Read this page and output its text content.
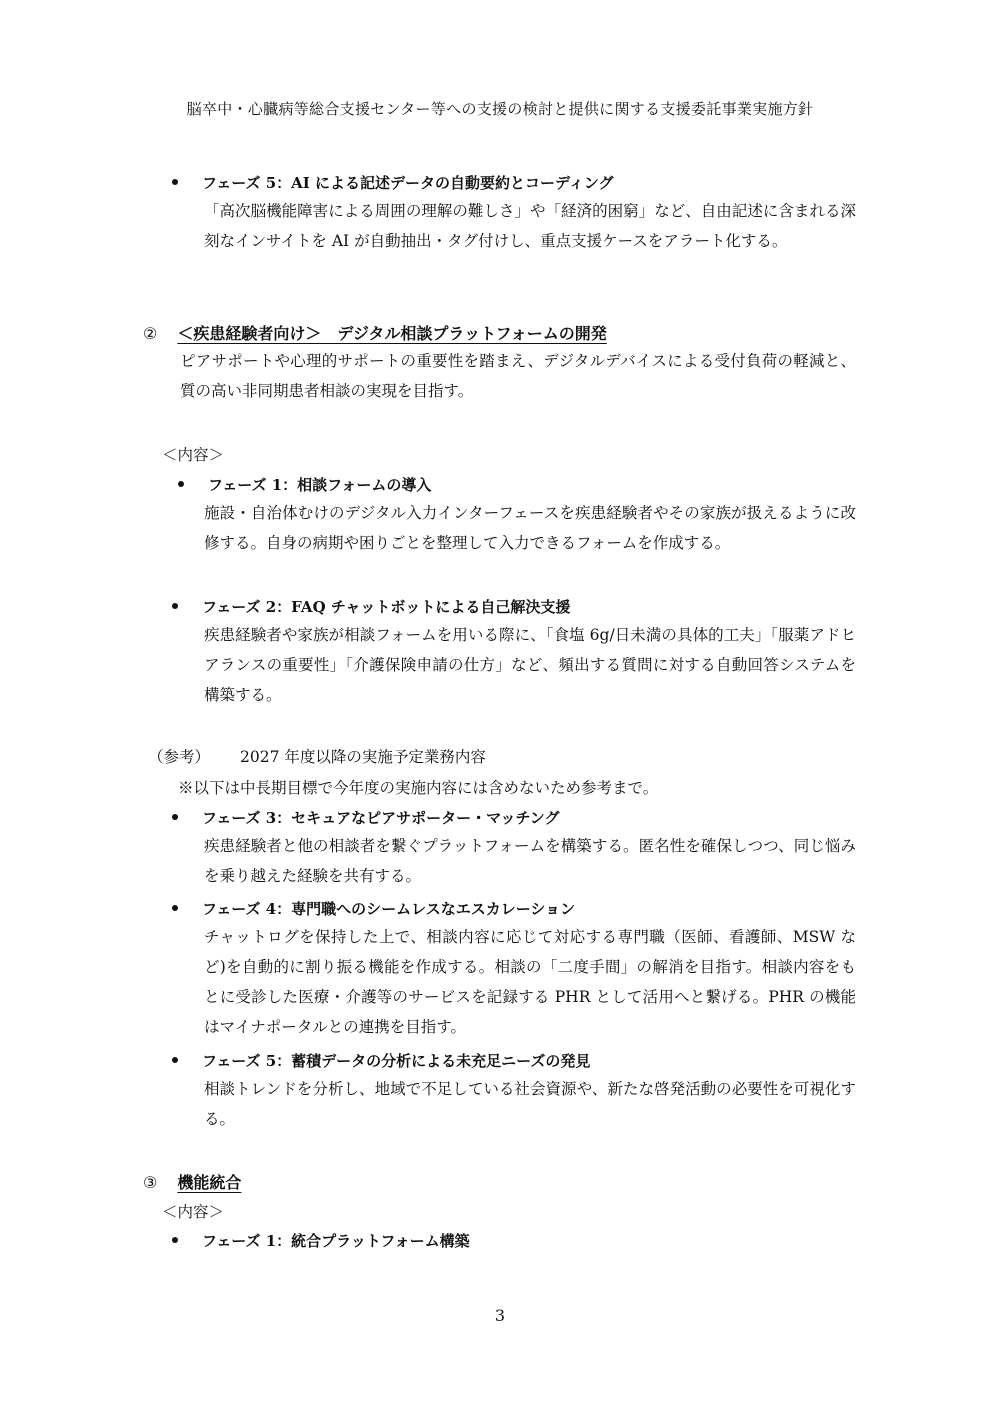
脳卒中・心臓病等総合支援センター等への支援の検討と提供に関する支援委託事業実施方針
フェーズ 5：AI による記述データの自動要約とコーディング
「高次脳機能障害による周囲の理解の難しさ」や「経済的困窮」など、自由記述に含まれる深刻なインサイトを AI が自動抽出・タグ付けし、重点支援ケースをアラート化する。
② ＜疾患経験者向け＞　デジタル相談プラットフォームの開発
ピアサポートや心理的サポートの重要性を踏まえ、デジタルデバイスによる受付負荷の軽減と、質の高い非同期患者相談の実現を目指す。
＜内容＞
フェーズ 1：相談フォームの導入
施設・自治体むけのデジタル入力インターフェースを疾患経験者やその家族が扱えるように改修する。自身の病期や困りごとを整理して入力できるフォームを作成する。
フェーズ 2：FAQ チャットボットによる自己解決支援
疾患経験者や家族が相談フォームを用いる際に、「食塩 6g/日未満の具体的工夫」「服薬アドヒアランスの重要性」「介護保険申請の仕方」など、頻出する質問に対する自動回答システムを構築する。
（参考） 2027 年度以降の実施予定業務内容
※以下は中長期目標で今年度の実施内容には含めないため参考まで。
フェーズ 3：セキュアなピアサポーター・マッチング
疾患経験者と他の相談者を繋ぐプラットフォームを構築する。匿名性を確保しつつ、同じ悩みを乗り越えた経験を共有する。
フェーズ 4：専門職へのシームレスなエスカレーション
チャットログを保持した上で、相談内容に応じて対応する専門職（医師、看護師、MSW など)を自動的に割り振る機能を作成する。相談の「二度手間」の解消を目指す。相談内容をもとに受診した医療・介護等のサービスを記録する PHR として活用へと繋げる。PHR の機能はマイナポータルとの連携を目指す。
フェーズ 5：蓄積データの分析による未充足ニーズの発見
相談トレンドを分析し、地域で不足している社会資源や、新たな啓発活動の必要性を可視化する。
③ 機能統合
＜内容＞
フェーズ 1：統合プラットフォーム構築
3
